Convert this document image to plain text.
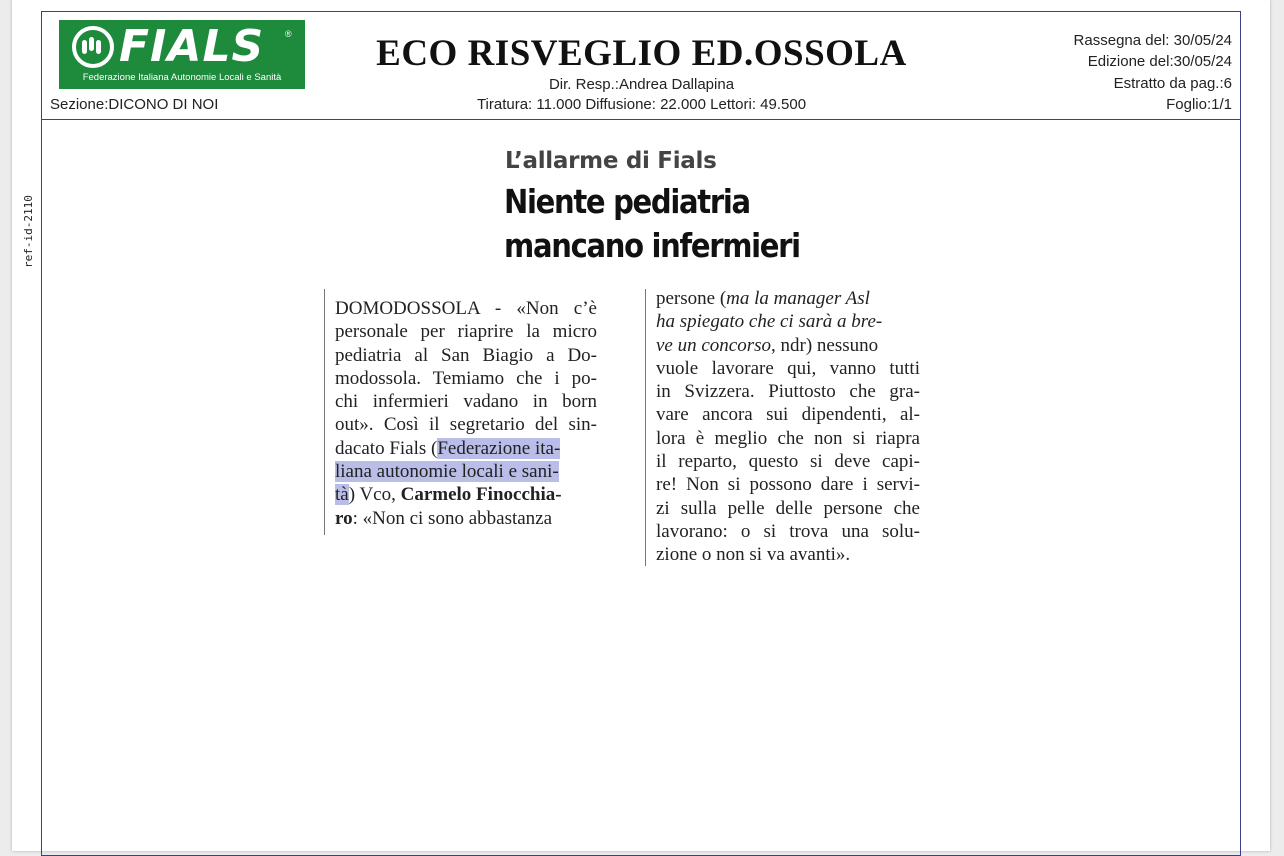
ref-id-2110
FIALS ®
Federazione Italiana Autonomie Locali e Sanità
Sezione:DICONO DI NOI
ECO RISVEGLIO ED.OSSOLA
Dir. Resp.:Andrea Dallapina
Tiratura: 11.000 Diffusione: 22.000 Lettori: 49.500
Rassegna del: 30/05/24
Edizione del:30/05/24
Estratto da pag.:6
Foglio:1/1
L’allarme di Fials
Niente pediatria
mancano infermieri
DOMODOSSOLA - «Non c’è
personale per riaprire la micro
pediatria al San Biagio a Do-
modossola. Temiamo che i po-
chi infermieri vadano in born
out». Così il segretario del sin-
dacato Fials (Federazione ita-
liana autonomie locali e sani-
tà) Vco, Carmelo Finocchia-
ro: «Non ci sono abbastanza
persone (ma la manager Asl
ha spiegato che ci sarà a bre-
ve un concorso, ndr) nessuno
vuole lavorare qui, vanno tutti
in Svizzera. Piuttosto che gra-
vare ancora sui dipendenti, al-
lora è meglio che non si riapra
il reparto, questo si deve capi-
re! Non si possono dare i servi-
zi sulla pelle delle persone che
lavorano: o si trova una solu-
zione o non si va avanti».
